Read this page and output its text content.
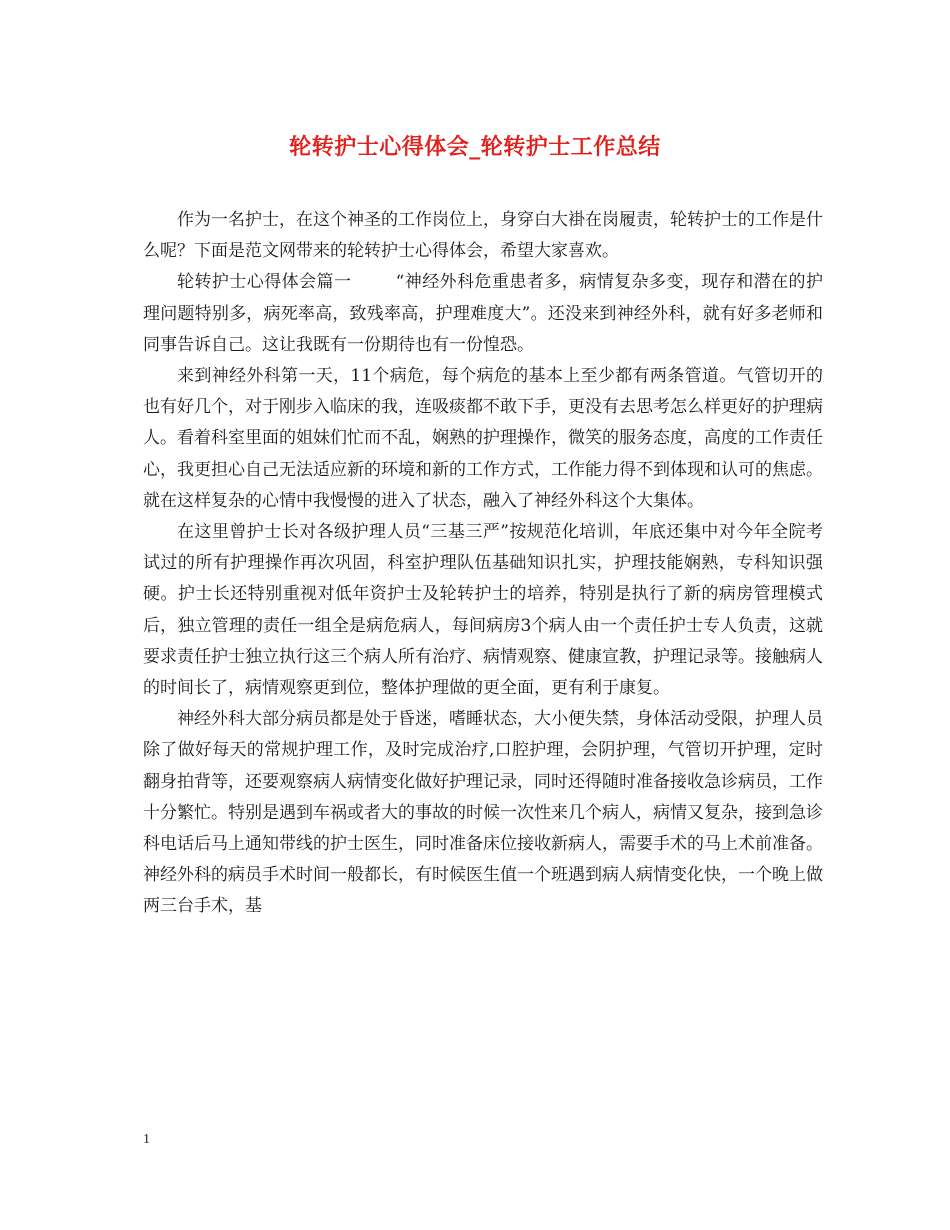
轮转护士心得体会_轮转护士工作总结

作为一名护士，在这个神圣的工作岗位上，身穿白大褂在岗履责，轮转护士的工作是什么呢？下面是范文网带来的轮转护士心得体会，希望大家喜欢。

轮转护士心得体会篇一	“神经外科危重患者多，病情复杂多变，现存和潜在的护理问题特别多，病死率高，致残率高，护理难度大”。还没来到神经外科，就有好多老师和同事告诉自己。这让我既有一份期待也有一份惶恐。

来到神经外科第一天，11个病危，每个病危的基本上至少都有两条管道。气管切开的也有好几个，对于刚步入临床的我，连吸痰都不敢下手，更没有去思考怎么样更好的护理病人。看着科室里面的姐妹们忙而不乱，娴熟的护理操作，微笑的服务态度，高度的工作责任心，我更担心自己无法适应新的环境和新的工作方式，工作能力得不到体现和认可的焦虑。就在这样复杂的心情中我慢慢的进入了状态，融入了神经外科这个大集体。

在这里曾护士长对各级护理人员“三基三严”按规范化培训，年底还集中对今年全院考试过的所有护理操作再次巩固，科室护理队伍基础知识扎实，护理技能娴熟，专科知识强硬。护士长还特别重视对低年资护士及轮转护士的培养，特别是执行了新的病房管理模式后，独立管理的责任一组全是病危病人，每间病房3个病人由一个责任护士专人负责，这就要求责任护士独立执行这三个病人所有治疗、病情观察、健康宣教，护理记录等。接触病人的时间长了，病情观察更到位，整体护理做的更全面，更有利于康复。

神经外科大部分病员都是处于昏迷，嗜睡状态，大小便失禁，身体活动受限，护理人员除了做好每天的常规护理工作，及时完成治疗,口腔护理，会阴护理，气管切开护理，定时翻身拍背等，还要观察病人病情变化做好护理记录，同时还得随时准备接收急诊病员，工作十分繁忙。特别是遇到车祸或者大的事故的时候一次性来几个病人，病情又复杂，接到急诊科电话后马上通知带线的护士医生，同时准备床位接收新病人，需要手术的马上术前准备。神经外科的病员手术时间一般都长，有时候医生值一个班遇到病人病情变化快，一个晚上做两三台手术，基

1
